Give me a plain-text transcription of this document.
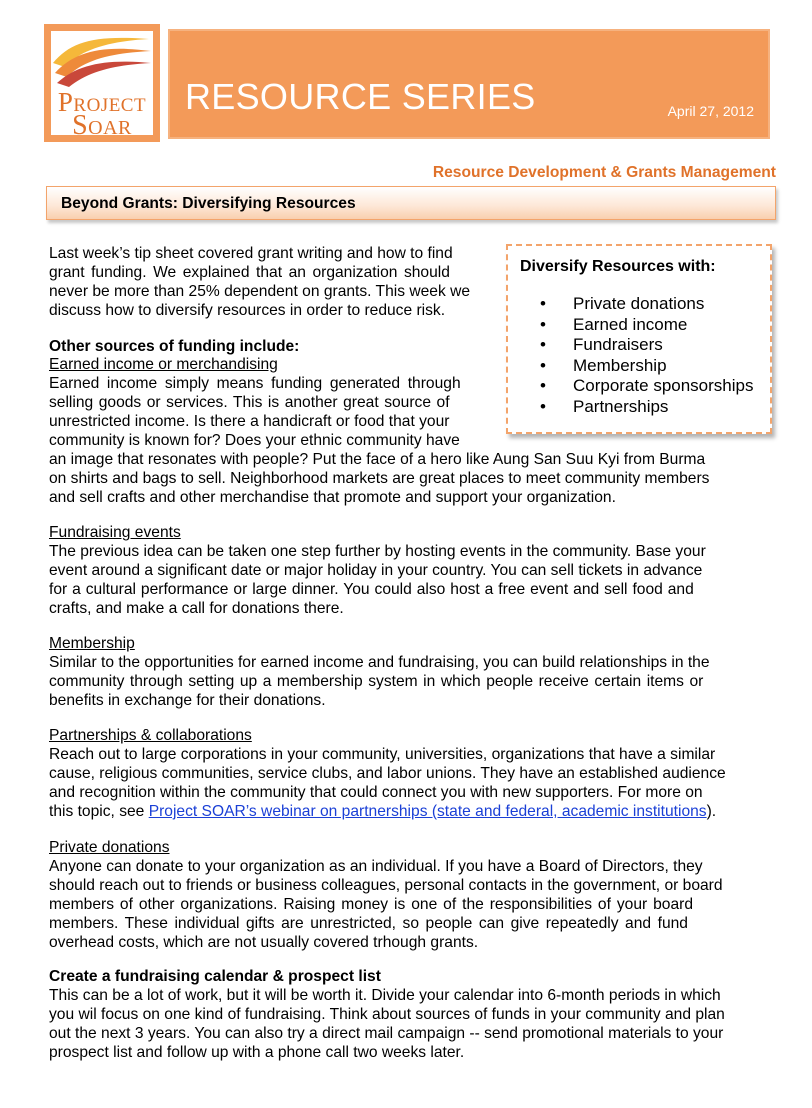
Project
Soar
RESOURCE SERIES	April 27, 2012
Resource Development & Grants Management
Beyond Grants: Diversifying Resources
Last week’s tip sheet covered grant writing and how to find
grant funding. We explained that an organization should
never be more than 25% dependent on grants. This week we
discuss how to diversify resources in order to reduce risk.
Diversify Resources with:
• Private donations
• Earned income
• Fundraisers
• Membership
• Corporate sponsorships
• Partnerships
Other sources of funding include:
Earned income or merchandising
Earned income simply means funding generated through
selling goods or services. This is another great source of
unrestricted income. Is there a handicraft or food that your
community is known for? Does your ethnic community have
an image that resonates with people? Put the face of a hero like Aung San Suu Kyi from Burma
on shirts and bags to sell. Neighborhood markets are great places to meet community members
and sell crafts and other merchandise that promote and support your organization.
Fundraising events
The previous idea can be taken one step further by hosting events in the community. Base your
event around a significant date or major holiday in your country. You can sell tickets in advance
for a cultural performance or large dinner. You could also host a free event and sell food and
crafts, and make a call for donations there.
Membership
Similar to the opportunities for earned income and fundraising, you can build relationships in the
community through setting up a membership system in which people receive certain items or
benefits in exchange for their donations.
Partnerships & collaborations
Reach out to large corporations in your community, universities, organizations that have a similar
cause, religious communities, service clubs, and labor unions. They have an established audience
and recognition within the community that could connect you with new supporters. For more on
this topic, see Project SOAR’s webinar on partnerships (state and federal, academic institutions).
Private donations
Anyone can donate to your organization as an individual. If you have a Board of Directors, they
should reach out to friends or business colleagues, personal contacts in the government, or board
members of other organizations. Raising money is one of the responsibilities of your board
members. These individual gifts are unrestricted, so people can give repeatedly and fund
overhead costs, which are not usually covered trhough grants.
Create a fundraising calendar & prospect list
This can be a lot of work, but it will be worth it. Divide your calendar into 6-month periods in which
you wil focus on one kind of fundraising. Think about sources of funds in your community and plan
out the next 3 years. You can also try a direct mail campaign -- send promotional materials to your
prospect list and follow up with a phone call two weeks later.
